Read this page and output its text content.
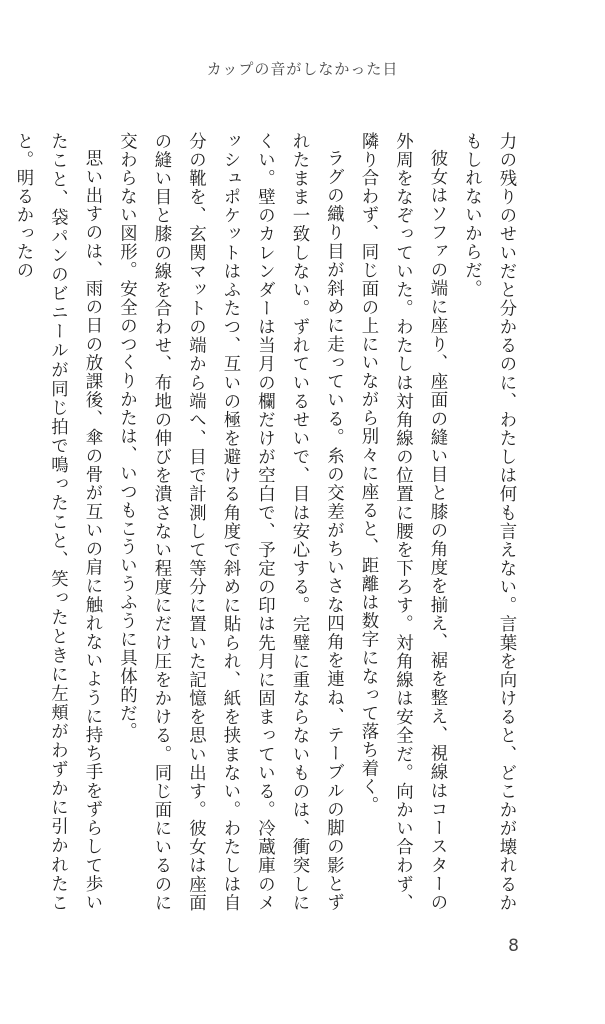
カップの音がしなかった日

力の残りのせいだと分かるのに、わたしは何も言えない。言葉を向けると、どこかが壊れるかもしれないからだ。

彼女はソファの端に座り、座面の縫い目と膝の角度を揃え、裾を整え、視線はコースターの外周をなぞっていた。わたしは対角線の位置に腰を下ろす。対角線は安全だ。向かい合わず、隣り合わず、同じ面の上にいながら別々に座ると、距離は数字になって落ち着く。

ラグの織り目が斜めに走っている。糸の交差がちいさな四角を連ね、テーブルの脚の影とずれたまま一致しない。ずれているせいで、目は安心する。完璧に重ならないものは、衝突しにくい。壁のカレンダーは当月の欄だけが空白で、予定の印は先月に固まっている。冷蔵庫のメッシュポケットはふたつ、互いの極を避ける角度で斜めに貼られ、紙を挟まない。わたしは自分の靴を、玄関マットの端から端へ、目で計測して等分に置いた記憶を思い出す。彼女は座面の縫い目と膝の線を合わせ、布地の伸びを潰さない程度にだけ圧をかける。同じ面にいるのに交わらない図形。安全のつくりかたは、いつもこういうふうに具体的だ。

思い出すのは、雨の日の放課後、傘の骨が互いの肩に触れないように持ち手をずらして歩いたこと、袋パンのビニールが同じ拍で鳴ったこと、笑ったときに左頬がわずかに引かれたこと。明るかったの

8
